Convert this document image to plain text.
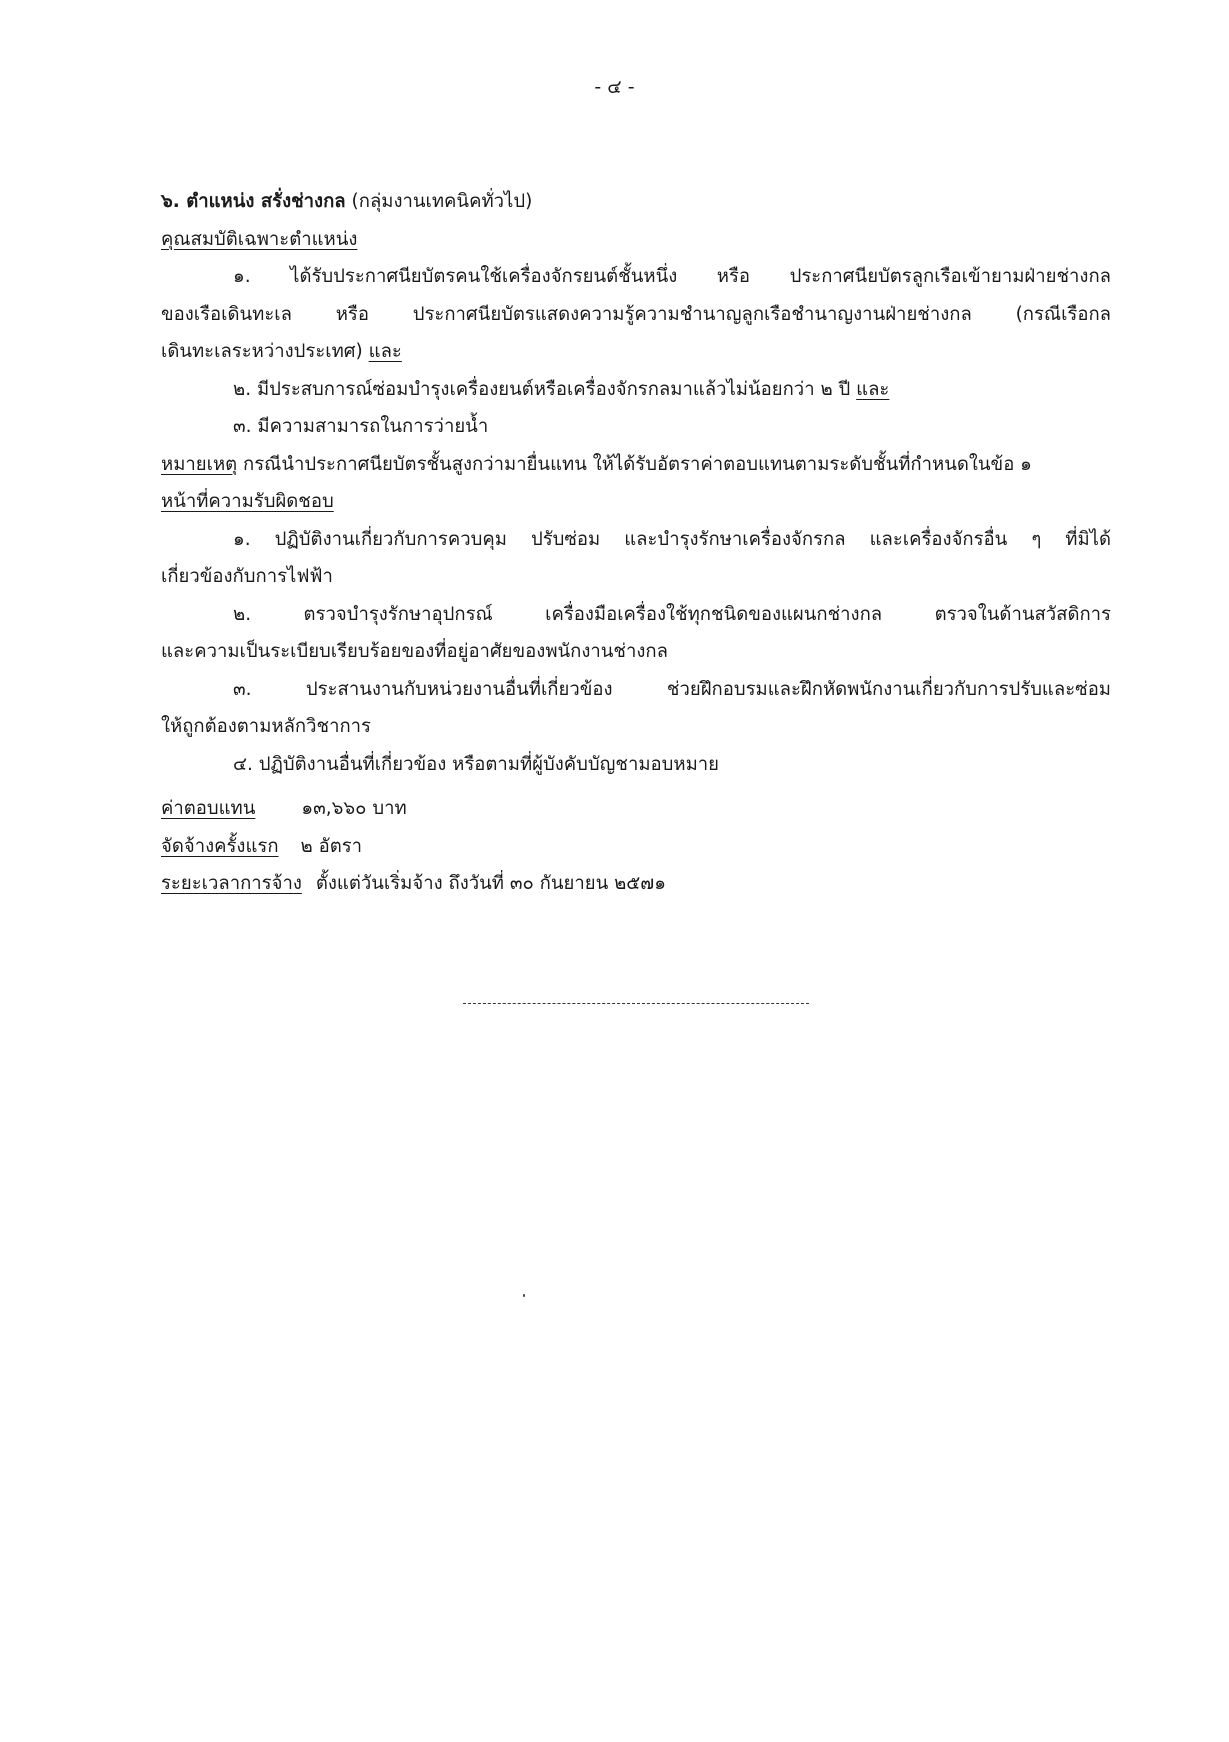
- ๔ -
๖. ตำแหน่ง สรั่งช่างกล (กลุ่มงานเทคนิคทั่วไป)
คุณสมบัติเฉพาะตำแหน่ง
๑. ได้รับประกาศนียบัตรคนใช้เครื่องจักรยนต์ชั้นหนึ่ง หรือ ประกาศนียบัตรลูกเรือเข้ายามฝ่ายช่างกล
ของเรือเดินทะเล หรือ ประกาศนียบัตรแสดงความรู้ความชำนาญลูกเรือชำนาญงานฝ่ายช่างกล (กรณีเรือกล
เดินทะเลระหว่างประเทศ) และ
๒. มีประสบการณ์ซ่อมบำรุงเครื่องยนต์หรือเครื่องจักรกลมาแล้วไม่น้อยกว่า ๒ ปี และ
๓. มีความสามารถในการว่ายน้ำ
หมายเหตุ กรณีนำประกาศนียบัตรชั้นสูงกว่ามายื่นแทน ให้ได้รับอัตราค่าตอบแทนตามระดับชั้นที่กำหนดในข้อ ๑
หน้าที่ความรับผิดชอบ
๑. ปฏิบัติงานเกี่ยวกับการควบคุม ปรับซ่อม และบำรุงรักษาเครื่องจักรกล และเครื่องจักรอื่น ๆ ที่มิได้
เกี่ยวข้องกับการไฟฟ้า
๒. ตรวจบำรุงรักษาอุปกรณ์ เครื่องมือเครื่องใช้ทุกชนิดของแผนกช่างกล ตรวจในด้านสวัสดิการ
และความเป็นระเบียบเรียบร้อยของที่อยู่อาศัยของพนักงานช่างกล
๓. ประสานงานกับหน่วยงานอื่นที่เกี่ยวข้อง ช่วยฝึกอบรมและฝึกหัดพนักงานเกี่ยวกับการปรับและซ่อม
ให้ถูกต้องตามหลักวิชาการ
๔. ปฏิบัติงานอื่นที่เกี่ยวข้อง หรือตามที่ผู้บังคับบัญชามอบหมาย
ค่าตอบแทน ๑๓,๖๖๐ บาท
จัดจ้างครั้งแรก ๒ อัตรา
ระยะเวลาการจ้าง ตั้งแต่วันเริ่มจ้าง ถึงวันที่ ๓๐ กันยายน ๒๕๗๑
